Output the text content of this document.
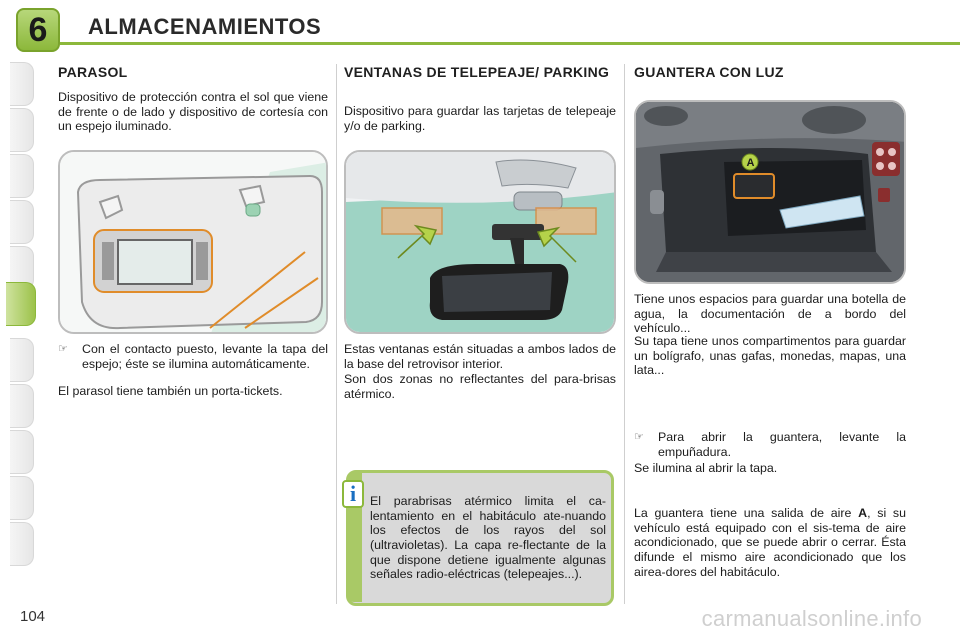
6 ALMACENAMIENTOS
PARASOL

Dispositivo de protección contra el sol que viene de frente o de lado y dispositivo de cortesía con un espejo iluminado.

☞	Con el contacto puesto, levante la tapa del espejo; éste se ilumina automáticamente.

El parasol tiene también un porta-tickets.

VENTANAS DE TELEPEAJE/ PARKING

Dispositivo para guardar las tarjetas de telepeaje y/o de parking.

Estas ventanas están situadas a ambos lados de la base del retrovisor interior.

Son dos zonas no reflectantes del para-brisas atérmico.

i El parabrisas atérmico limita el ca-lentamiento en el habitáculo ate-nuando los efectos de los rayos del sol (ultravioletas). La capa re-flectante de la que dispone detiene igualmente algunas señales radio-eléctricas (telepeajes...).

GUANTERA CON LUZ
A

Tiene unos espacios para guardar una botella de agua, la documentación de a bordo del vehículo...

Su tapa tiene unos compartimentos para guardar un bolígrafo, unas gafas, monedas, mapas, una lata...

☞	Para abrir la guantera, levante la empuñadura.

Se ilumina al abrir la tapa.

La guantera tiene una salida de aire A, si su vehículo está equipado con el sis-tema de aire acondicionado, que se puede abrir o cerrar. Ésta difunde el mismo aire acondicionado que los airea-dores del habitáculo.

104	carmanualsonline.info
